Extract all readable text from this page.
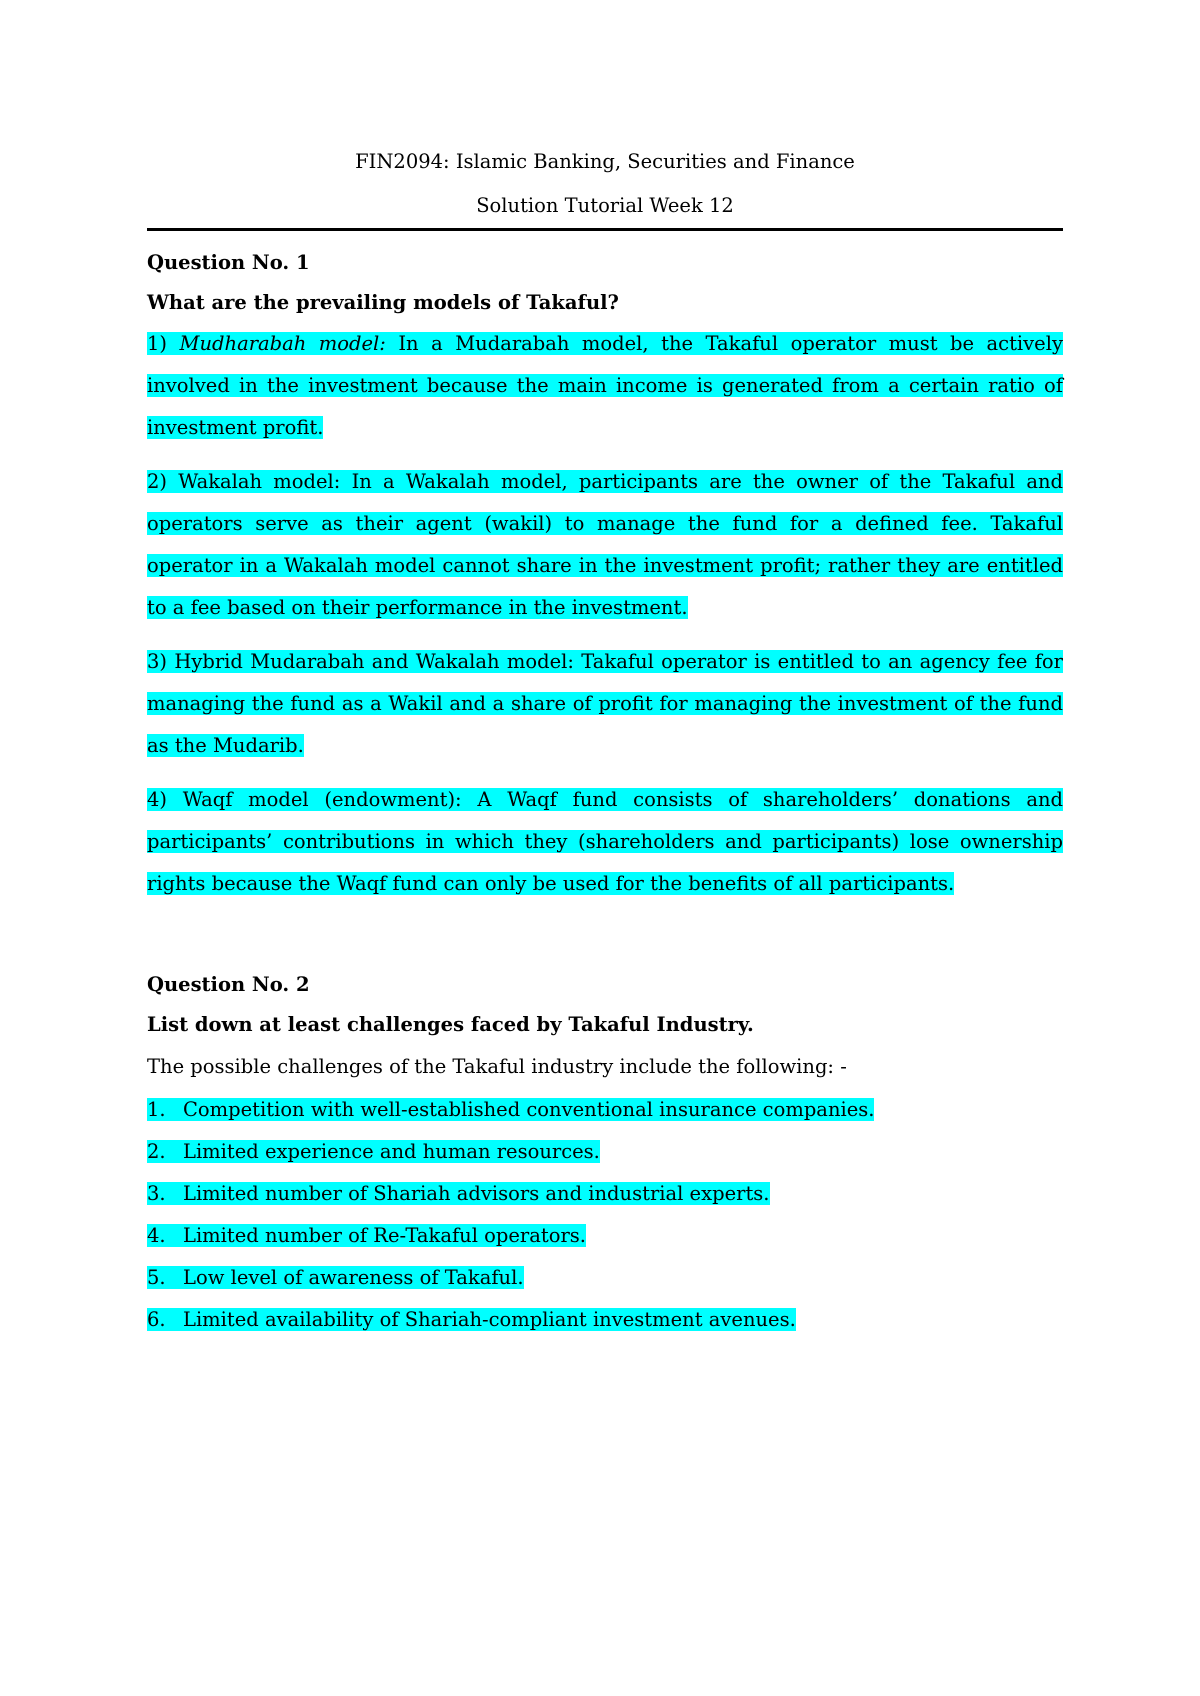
FIN2094: Islamic Banking, Securities and Finance
Solution Tutorial Week 12
Question No. 1
What are the prevailing models of Takaful?

1) Mudharabah model: In a Mudarabah model, the Takaful operator must be actively involved in the investment because the main income is generated from a certain ratio of investment profit.

2) Wakalah model: In a Wakalah model, participants are the owner of the Takaful and operators serve as their agent (wakil) to manage the fund for a defined fee. Takaful operator in a Wakalah model cannot share in the investment profit; rather they are entitled to a fee based on their performance in the investment.

3) Hybrid Mudarabah and Wakalah model: Takaful operator is entitled to an agency fee for managing the fund as a Wakil and a share of profit for managing the investment of the fund as the Mudarib.

4) Waqf model (endowment): A Waqf fund consists of shareholders’ donations and participants’ contributions in which they (shareholders and participants) lose ownership rights because the Waqf fund can only be used for the benefits of all participants.

Question No. 2
List down at least challenges faced by Takaful Industry.
The possible challenges of the Takaful industry include the following: -
1. Competition with well-established conventional insurance companies.
2. Limited experience and human resources.
3. Limited number of Shariah advisors and industrial experts.
4. Limited number of Re-Takaful operators.
5. Low level of awareness of Takaful.
6. Limited availability of Shariah-compliant investment avenues.
